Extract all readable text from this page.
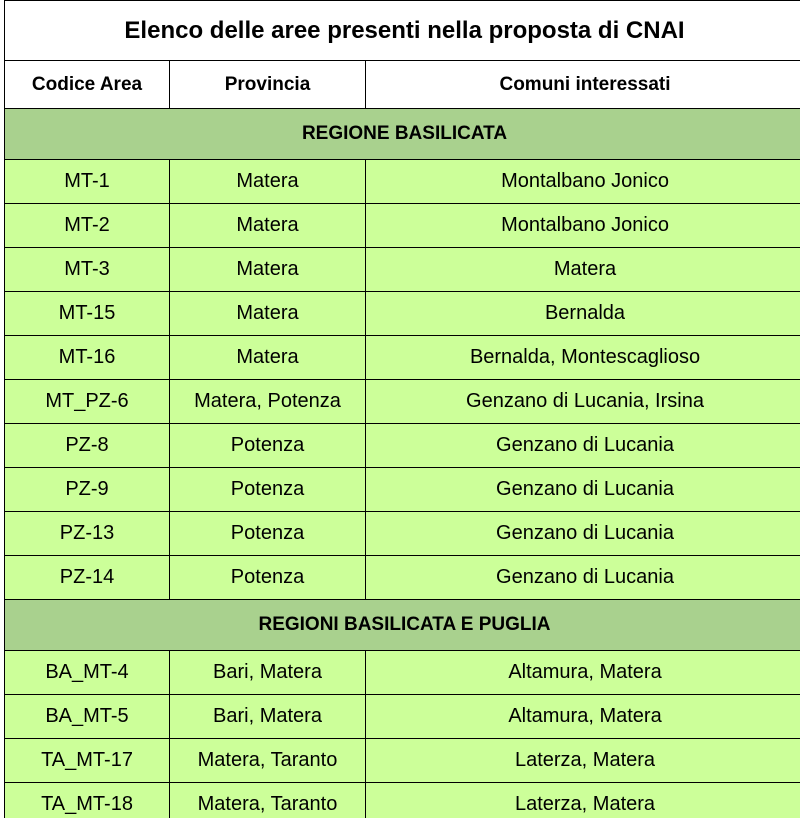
Elenco delle aree presenti nella proposta di CNAI		
Codice Area	Provincia	Comuni interessati
REGIONE BASILICATA		
MT-1	Matera	Montalbano Jonico
MT-2	Matera	Montalbano Jonico
MT-3	Matera	Matera
MT-15	Matera	Bernalda
MT-16	Matera	Bernalda, Montescaglioso
MT_PZ-6	Matera, Potenza	Genzano di Lucania, Irsina
PZ-8	Potenza	Genzano di Lucania
PZ-9	Potenza	Genzano di Lucania
PZ-13	Potenza	Genzano di Lucania
PZ-14	Potenza	Genzano di Lucania
REGIONI BASILICATA E PUGLIA		
BA_MT-4	Bari, Matera	Altamura, Matera
BA_MT-5	Bari, Matera	Altamura, Matera
TA_MT-17	Matera, Taranto	Laterza, Matera
TA_MT-18	Matera, Taranto	Laterza, Matera
